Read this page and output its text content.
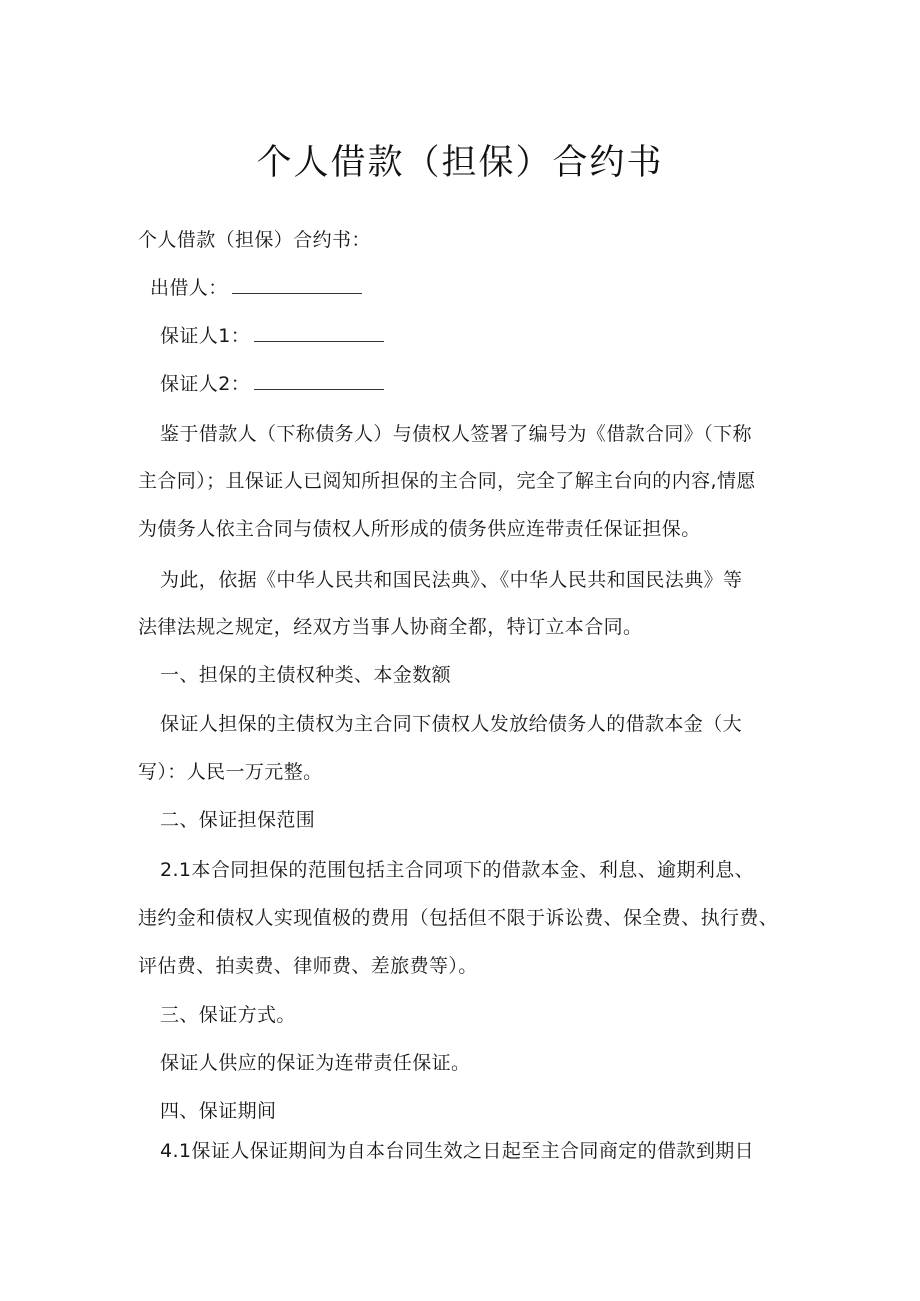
个人借款（担保）合约书
个人借款（担保）合约书：
出借人：
保证人1：
保证人2：
鉴于借款人（下称债务人）与债权人签署了编号为《借款合同》（下称
主合同）；且保证人已阅知所担保的主合同，完全了解主台向的内容,情愿
为债务人依主合同与债权人所形成的债务供应连带责任保证担保。
为此，依据《中华人民共和国民法典》、《中华人民共和国民法典》等
法律法规之规定，经双方当事人协商全都，特订立本合同。
一、担保的主债权种类、本金数额
保证人担保的主债权为主合同下债权人发放给债务人的借款本金（大
写）：人民一万元整。
二、保证担保范围
2.1本合同担保的范围包括主合同项下的借款本金、利息、逾期利息、
违约金和债权人实现值极的费用（包括但不限于诉讼费、保全费、执行费、
评估费、拍卖费、律师费、差旅费等）。
三、保证方式。
保证人供应的保证为连带责任保证。
四、保证期间
4.1保证人保证期间为自本台同生效之日起至主合同商定的借款到期日
